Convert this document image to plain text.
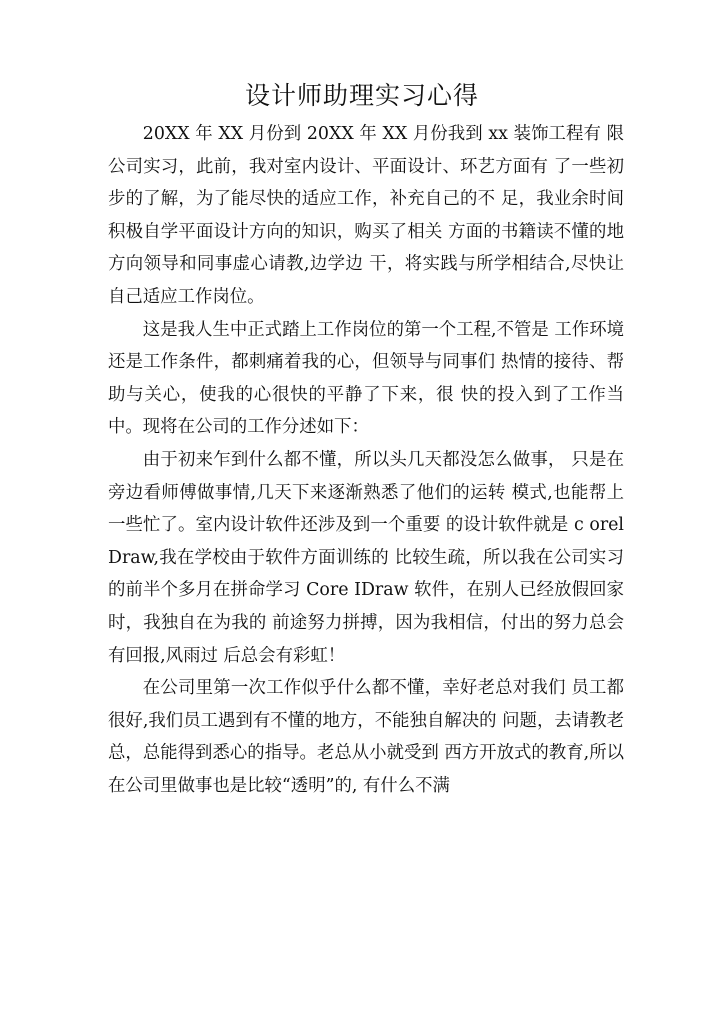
设计师助理实习心得

20XX 年 XX 月份到 20XX 年 XX 月份我到 xx 装饰工程有 限公司实习，此前，我对室内设计、平面设计、环艺方面有 了一些初步的了解，为了能尽快的适应工作，补充自己的不 足，我业余时间积极自学平面设计方向的知识，购买了相关 方面的书籍读不懂的地方向领导和同事虚心请教,边学边 干，将实践与所学相结合,尽快让自己适应工作岗位。

这是我人生中正式踏上工作岗位的第一个工程,不管是 工作环境还是工作条件，都刺痛着我的心，但领导与同事们 热情的接待、帮助与关心，使我的心很快的平静了下来，很 快的投入到了工作当中。现将在公司的工作分述如下：

由于初来乍到什么都不懂，所以头几天都没怎么做事， 只是在旁边看师傅做事情,几天下来逐渐熟悉了他们的运转 模式,也能帮上一些忙了。室内设计软件还涉及到一个重要 的设计软件就是 c orelDraw,我在学校由于软件方面训练的 比较生疏，所以我在公司实习的前半个多月在拼命学习 Core IDraw 软件，在别人已经放假回家时，我独自在为我的 前途努力拼搏，因为我相信，付出的努力总会有回报,风雨过 后总会有彩虹！

在公司里第一次工作似乎什么都不懂，幸好老总对我们 员工都很好,我们员工遇到有不懂的地方，不能独自解决的 问题，去请教老总，总能得到悉心的指导。老总从小就受到 西方开放式的教育,所以在公司里做事也是比较“透明”的, 有什么不满
